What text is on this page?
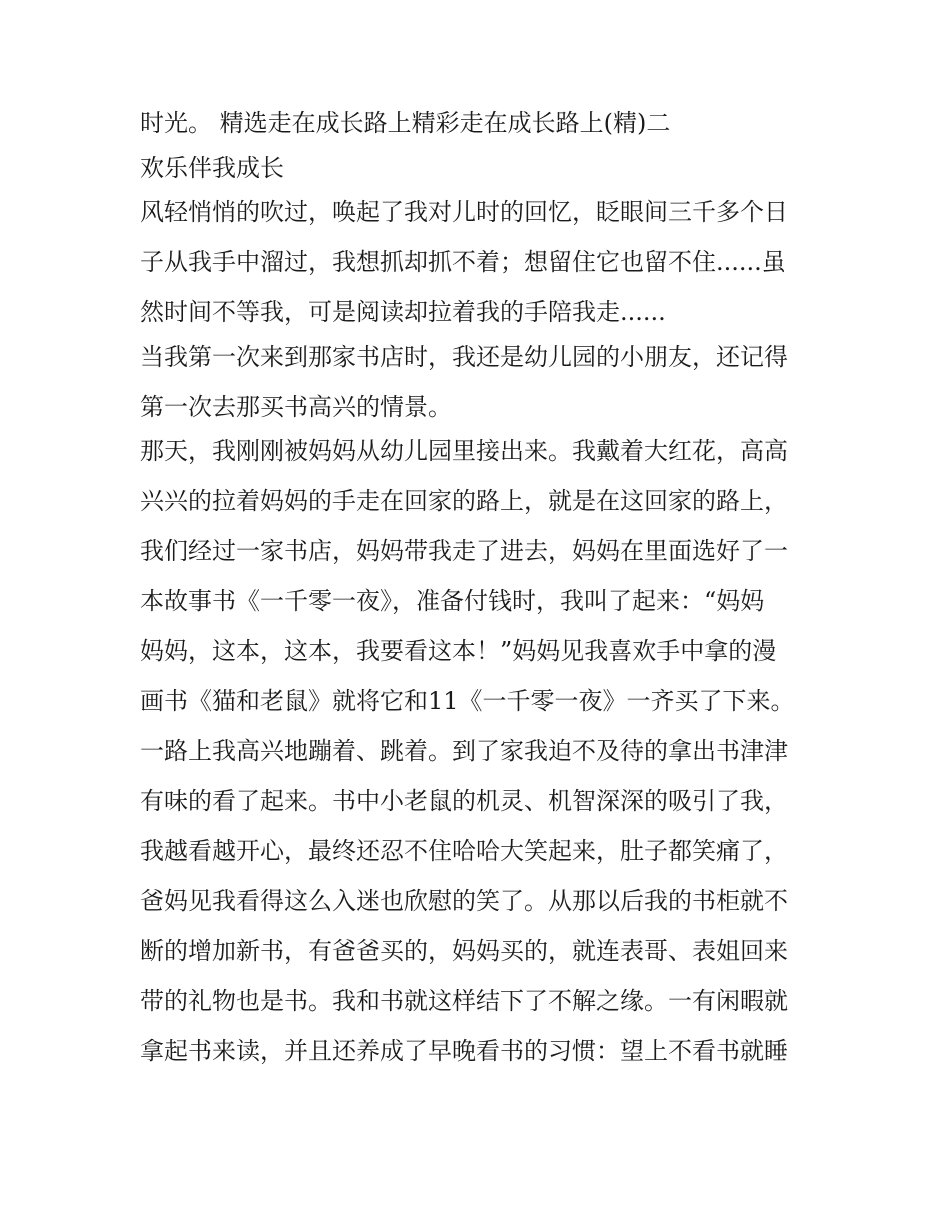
时光。 精选走在成长路上精彩走在成长路上(精)二
欢乐伴我成长
风轻悄悄的吹过，唤起了我对儿时的回忆，眨眼间三千多个日
子从我手中溜过，我想抓却抓不着；想留住它也留不住......虽
然时间不等我，可是阅读却拉着我的手陪我走......
当我第一次来到那家书店时，我还是幼儿园的小朋友，还记得
第一次去那买书高兴的情景。
那天，我刚刚被妈妈从幼儿园里接出来。我戴着大红花，高高
兴兴的拉着妈妈的手走在回家的路上，就是在这回家的路上，
我们经过一家书店，妈妈带我走了进去，妈妈在里面选好了一
本故事书《一千零一夜》，准备付钱时，我叫了起来：“妈妈
妈妈，这本，这本，我要看这本！”妈妈见我喜欢手中拿的漫
画书《猫和老鼠》就将它和11《一千零一夜》一齐买了下来。
一路上我高兴地蹦着、跳着。到了家我迫不及待的拿出书津津
有味的看了起来。书中小老鼠的机灵、机智深深的吸引了我，
我越看越开心，最终还忍不住哈哈大笑起来，肚子都笑痛了，
爸妈见我看得这么入迷也欣慰的笑了。从那以后我的书柜就不
断的增加新书，有爸爸买的，妈妈买的，就连表哥、表姐回来
带的礼物也是书。我和书就这样结下了不解之缘。一有闲暇就
拿起书来读，并且还养成了早晚看书的习惯：望上不看书就睡
